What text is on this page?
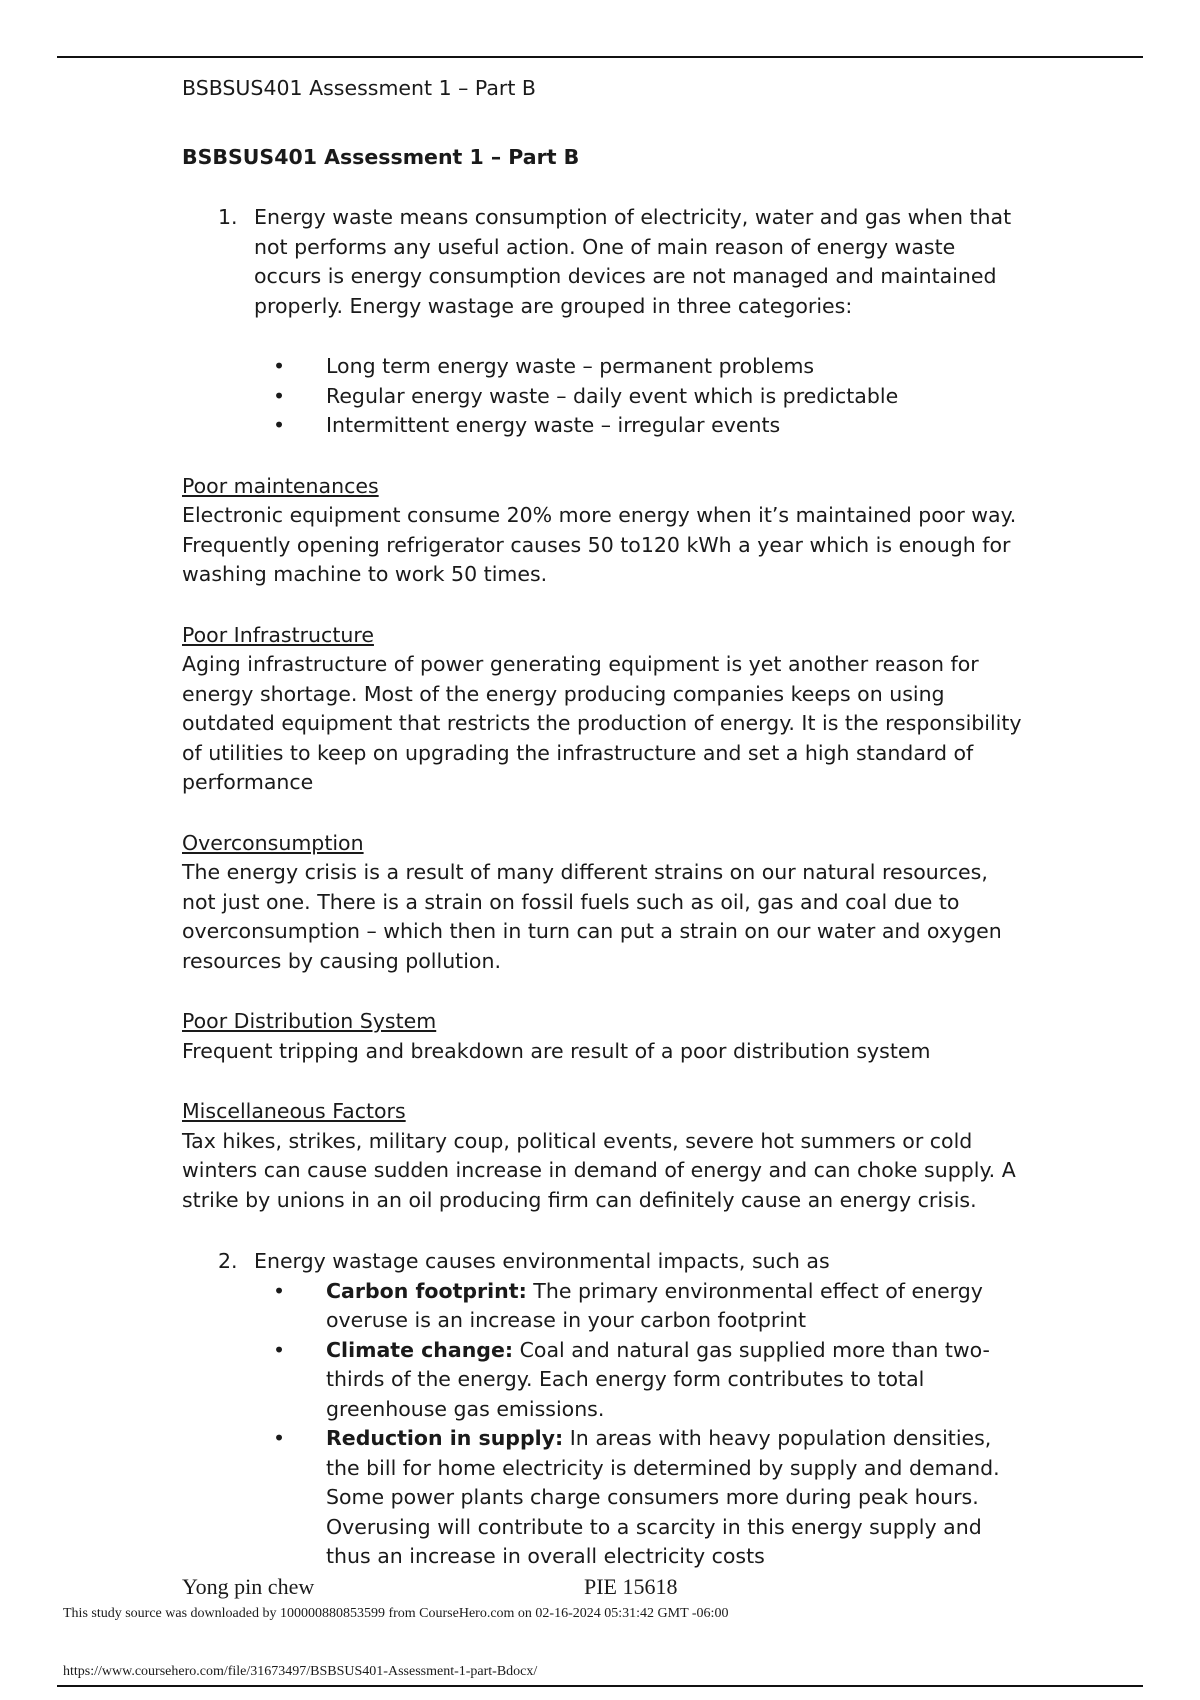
BSBSUS401 Assessment 1 – Part B

BSBSUS401 Assessment 1 – Part B

1. Energy waste means consumption of electricity, water and gas when that not performs any useful action. One of main reason of energy waste occurs is energy consumption devices are not managed and maintained properly. Energy wastage are grouped in three categories:
• Long term energy waste – permanent problems
• Regular energy waste – daily event which is predictable
• Intermittent energy waste – irregular events
Poor maintenances
Electronic equipment consume 20% more energy when it’s maintained poor way. Frequently opening refrigerator causes 50 to120 kWh a year which is enough for washing machine to work 50 times.
Poor Infrastructure
Aging infrastructure of power generating equipment is yet another reason for energy shortage. Most of the energy producing companies keeps on using outdated equipment that restricts the production of energy. It is the responsibility of utilities to keep on upgrading the infrastructure and set a high standard of performance
Overconsumption
The energy crisis is a result of many different strains on our natural resources, not just one. There is a strain on fossil fuels such as oil, gas and coal due to overconsumption – which then in turn can put a strain on our water and oxygen resources by causing pollution.
Poor Distribution System
Frequent tripping and breakdown are result of a poor distribution system
Miscellaneous Factors
Tax hikes, strikes, military coup, political events, severe hot summers or cold winters can cause sudden increase in demand of energy and can choke supply. A strike by unions in an oil producing firm can definitely cause an energy crisis.
2. Energy wastage causes environmental impacts, such as
• Carbon footprint: The primary environmental effect of energy overuse is an increase in your carbon footprint
• Climate change: Coal and natural gas supplied more than two-thirds of the energy. Each energy form contributes to total greenhouse gas emissions.
• Reduction in supply: In areas with heavy population densities, the bill for home electricity is determined by supply and demand. Some power plants charge consumers more during peak hours. Overusing will contribute to a scarcity in this energy supply and thus an increase in overall electricity costs
Yong pin chew	PIE 15618
This study source was downloaded by 100000880853599 from CourseHero.com on 02-16-2024 05:31:42 GMT -06:00
https://www.coursehero.com/file/31673497/BSBSUS401-Assessment-1-part-Bdocx/
